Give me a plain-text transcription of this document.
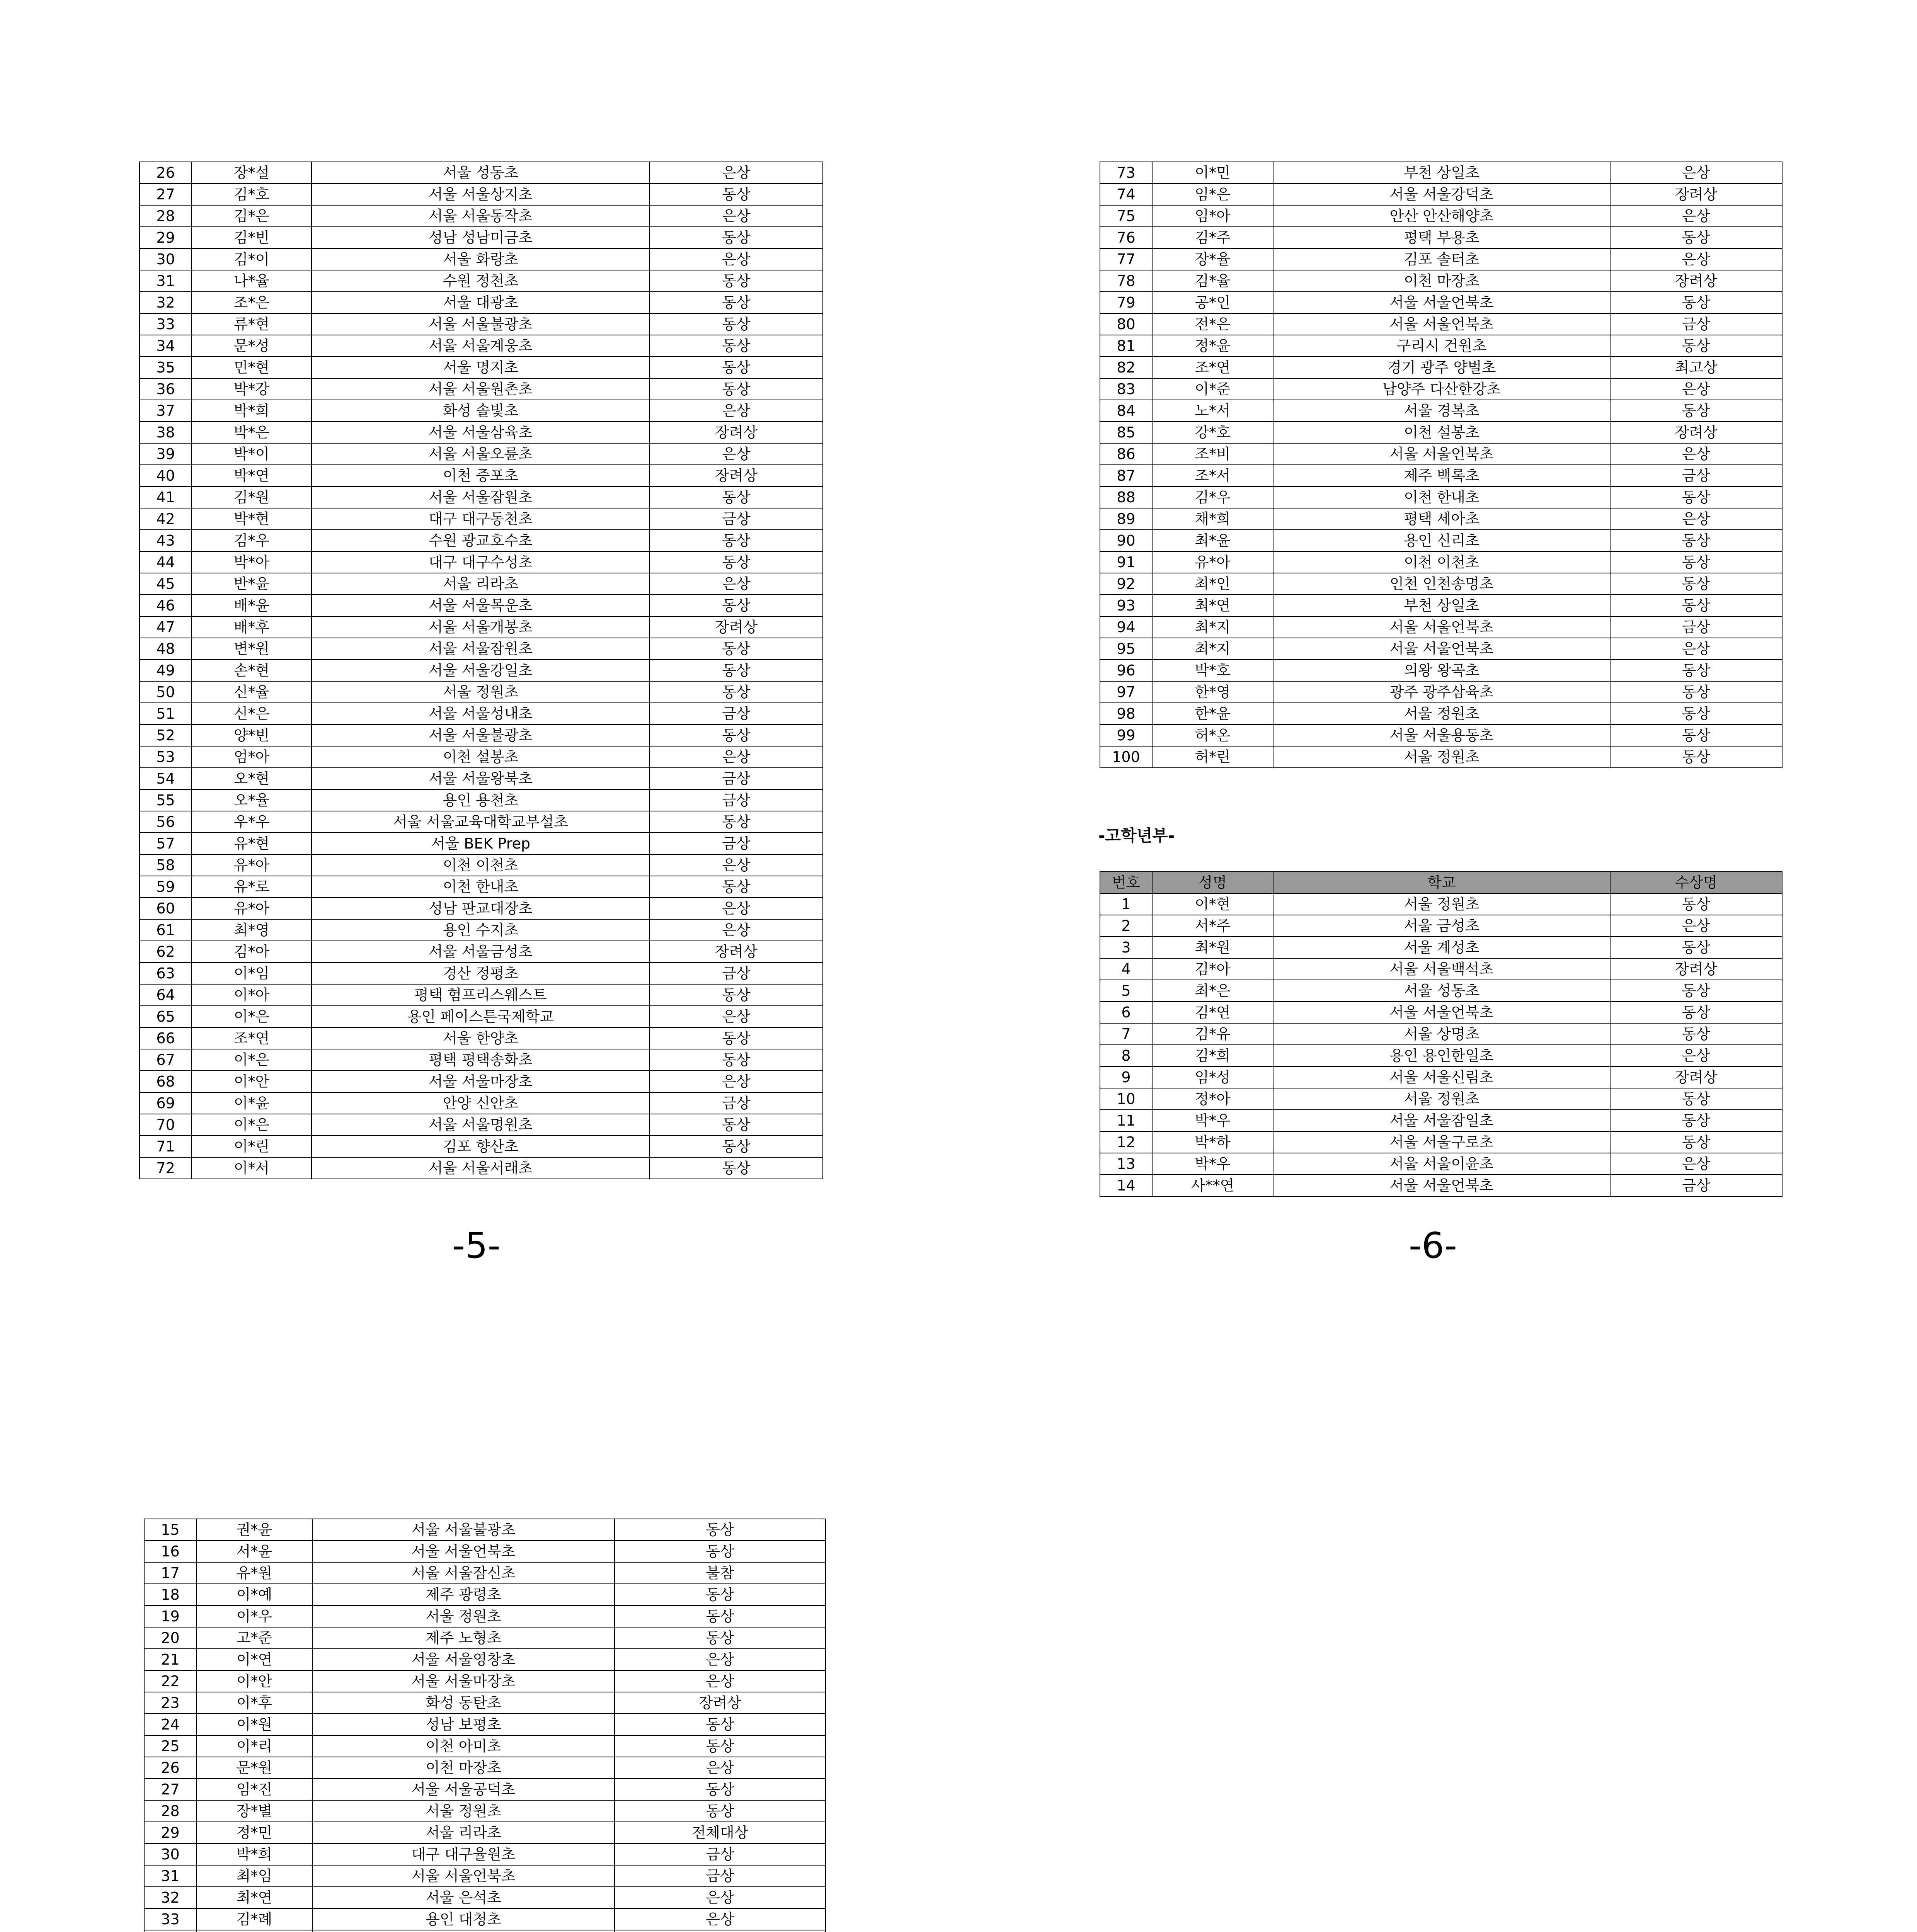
26	장*설	서울 성동초	은상
27	김*호	서울 서울상지초	동상
28	김*은	서울 서울동작초	은상
29	김*빈	성남 성남미금초	동상
30	김*이	서울 화랑초	은상
31	나*율	수원 정천초	동상
32	조*은	서울 대광초	동상
33	류*현	서울 서울불광초	동상
34	문*성	서울 서울계웅초	동상
35	민*현	서울 명지초	동상
36	박*강	서울 서울원촌초	동상
37	박*희	화성 솔빛초	은상
38	박*은	서울 서울삼육초	장려상
39	박*이	서울 서울오륜초	은상
40	박*연	이천 증포초	장려상
41	김*원	서울 서울잠원초	동상
42	박*현	대구 대구동천초	금상
43	김*우	수원 광교호수초	동상
44	박*아	대구 대구수성초	동상
45	반*윤	서울 리라초	은상
46	배*윤	서울 서울목운초	동상
47	배*후	서울 서울개봉초	장려상
48	변*원	서울 서울잠원초	동상
49	손*현	서울 서울강일초	동상
50	신*율	서울 정원초	동상
51	신*은	서울 서울성내초	금상
52	양*빈	서울 서울불광초	동상
53	엄*아	이천 설봉초	은상
54	오*현	서울 서울왕북초	금상
55	오*율	용인 용천초	금상
56	우*우	서울 서울교육대학교부설초	동상
57	유*현	서울 BEK Prep	금상
58	유*아	이천 이천초	은상
59	유*로	이천 한내초	동상
60	유*아	성남 판교대장초	은상
61	최*영	용인 수지초	은상
62	김*아	서울 서울금성초	장려상
63	이*임	경산 정평초	금상
64	이*아	평택 험프리스웨스트	동상
65	이*은	용인 페이스튼국제학교	은상
66	조*연	서울 한양초	동상
67	이*은	평택 평택송화초	동상
68	이*안	서울 서울마장초	은상
69	이*윤	안양 신안초	금상
70	이*은	서울 서울명원초	동상
71	이*린	김포 향산초	동상
72	이*서	서울 서울서래초	동상
-5-
73	이*민	부천 상일초	은상
74	임*은	서울 서울강덕초	장려상
75	임*아	안산 안산해양초	은상
76	김*주	평택 부용초	동상
77	장*율	김포 솔터초	은상
78	김*율	이천 마장초	장려상
79	공*인	서울 서울언북초	동상
80	전*은	서울 서울언북초	금상
81	정*윤	구리시 건원초	동상
82	조*연	경기 광주 양벌초	최고상
83	이*준	남양주 다산한강초	은상
84	노*서	서울 경복초	동상
85	강*호	이천 설봉초	장려상
86	조*비	서울 서울언북초	은상
87	조*서	제주 백록초	금상
88	김*우	이천 한내초	동상
89	채*희	평택 세아초	은상
90	최*윤	용인 신리초	동상
91	유*아	이천 이천초	동상
92	최*인	인천 인천송명초	동상
93	최*연	부천 상일초	동상
94	최*지	서울 서울언북초	금상
95	최*지	서울 서울언북초	은상
96	박*호	의왕 왕곡초	동상
97	한*영	광주 광주삼육초	동상
98	한*윤	서울 정원초	동상
99	허*온	서울 서울용동초	동상
100	허*린	서울 정원초	동상
-고학년부-
번호	성명	학교	수상명
1	이*현	서울 정원초	동상
2	서*주	서울 금성초	은상
3	최*원	서울 계성초	동상
4	김*아	서울 서울백석초	장려상
5	최*은	서울 성동초	동상
6	김*연	서울 서울언북초	동상
7	김*유	서울 상명초	동상
8	김*희	용인 용인한일초	은상
9	임*성	서울 서울신림초	장려상
10	정*아	서울 정원초	동상
11	박*우	서울 서울잠일초	동상
12	박*하	서울 서울구로초	동상
13	박*우	서울 서울이윤초	은상
14	사**연	서울 서울언북초	금상
-6-
15	권*윤	서울 서울불광초	동상
16	서*윤	서울 서울언북초	동상
17	유*원	서울 서울잠신초	불참
18	이*예	제주 광령초	동상
19	이*우	서울 정원초	동상
20	고*준	제주 노형초	동상
21	이*연	서울 서울영창초	은상
22	이*안	서울 서울마장초	은상
23	이*후	화성 동탄초	장려상
24	이*원	성남 보평초	동상
25	이*리	이천 아미초	동상
26	문*원	이천 마장초	은상
27	임*진	서울 서울공덕초	동상
28	장*별	서울 정원초	동상
29	정*민	서울 리라초	전체대상
30	박*희	대구 대구율원초	금상
31	최*임	서울 서울언북초	금상
32	최*연	서울 은석초	은상
33	김*례	용인 대청초	은상
